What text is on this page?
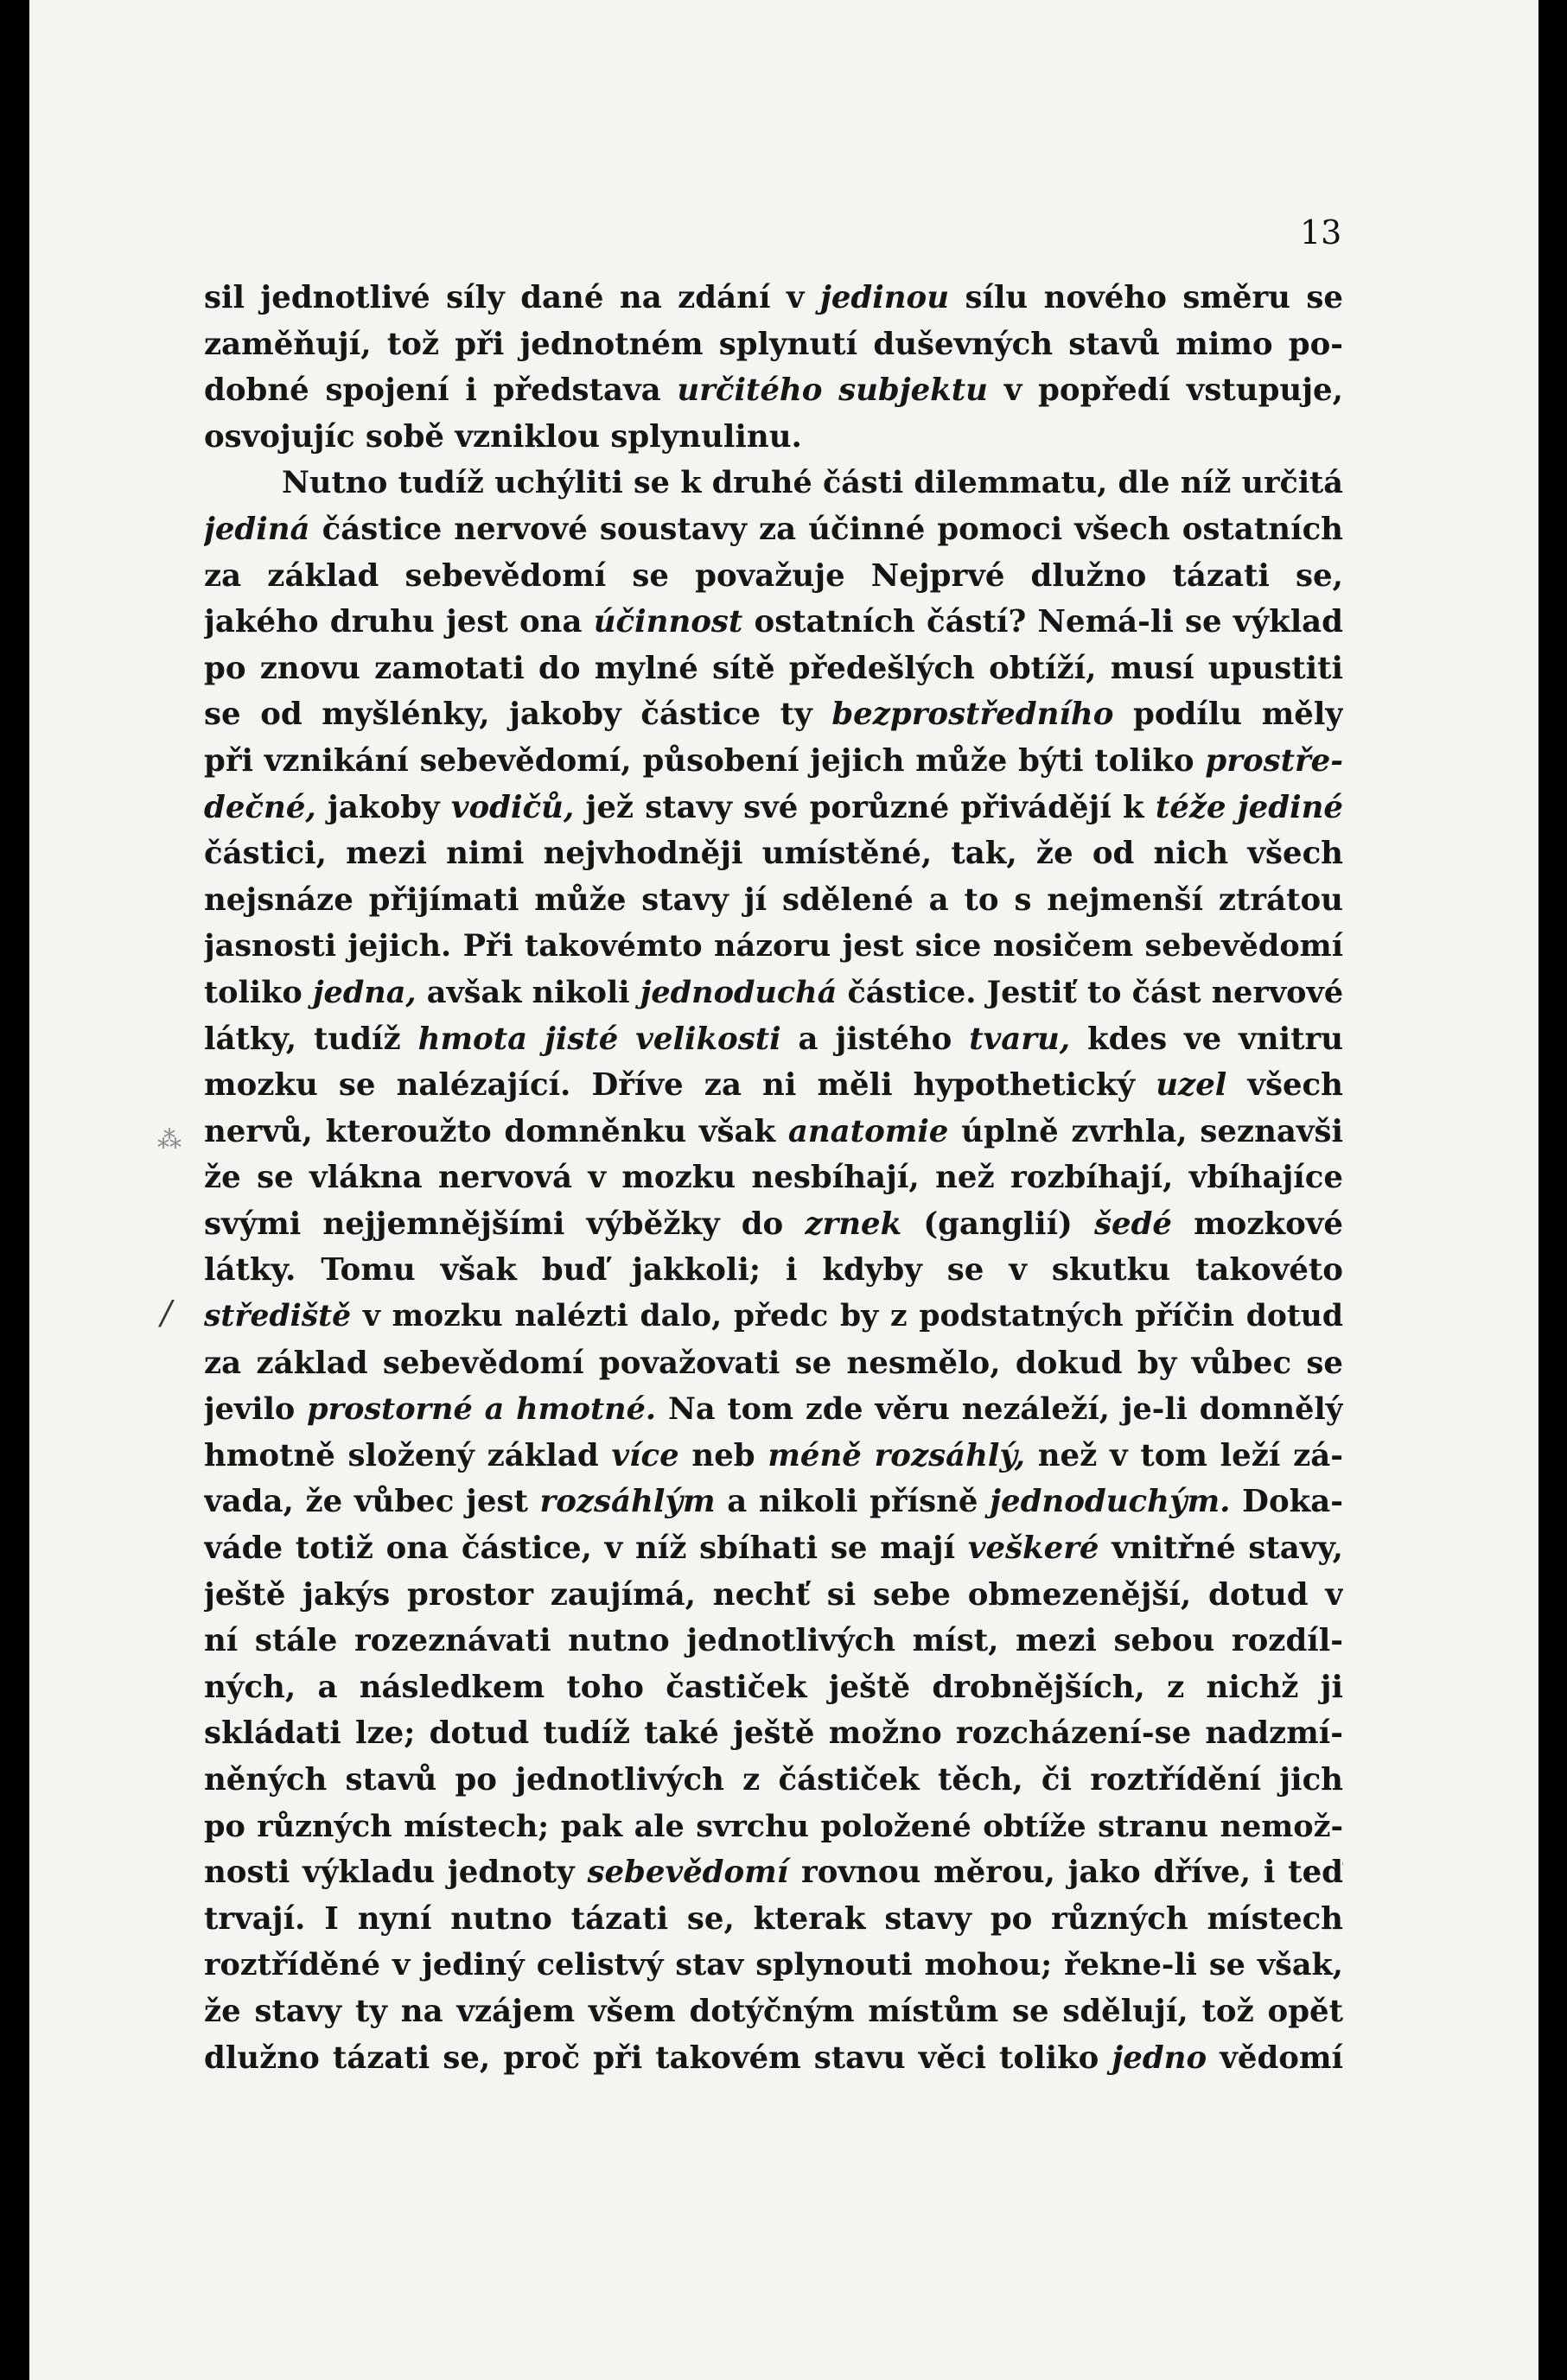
13
⁂
/
sil jednotlivé síly dané na zdání v jedinou sílu nového směru se
zaměňují, tož při jednotném splynutí duševných stavů mimo po-
dobné spojení i představa určitého subjektu v popředí vstupuje,
osvojujíc sobě vzniklou splynulinu.
Nutno tudíž uchýliti se k druhé části dilemmatu, dle níž určitá
jediná částice nervové soustavy za účinné pomoci všech ostatních
za základ sebevědomí se považuje Nejprvé dlužno tázati se,
jakého druhu jest ona účinnost ostatních částí? Nemá-li se výklad
po znovu zamotati do mylné sítě předešlých obtíží, musí upustiti
se od myšlénky, jakoby částice ty bezprostředního podílu měly
při vznikání sebevědomí, působení jejich může býti toliko prostře-
dečné, jakoby vodičů, jež stavy své porůzné přivádějí k téže jediné
částici, mezi nimi nejvhodněji umístěné, tak, že od nich všech
nejsnáze přijímati může stavy jí sdělené a to s nejmenší ztrátou
jasnosti jejich. Při takovémto názoru jest sice nosičem sebevědomí
toliko jedna, avšak nikoli jednoduchá částice. Jestiť to část nervové
látky, tudíž hmota jisté velikosti a jistého tvaru, kdes ve vnitru
mozku se nalézající. Dříve za ni měli hypothetický uzel všech
nervů, kteroužto domněnku však anatomie úplně zvrhla, seznavši
že se vlákna nervová v mozku nesbíhají, než rozbíhají, vbíhajíce
svými nejjemnějšími výběžky do zrnek (ganglií) šedé mozkové
látky. Tomu však buď jakkoli; i kdyby se v skutku takovéto
střediště v mozku nalézti dalo, předc by z podstatných příčin dotud
za základ sebevědomí považovati se nesmělo, dokud by vůbec se
jevilo prostorné a hmotné. Na tom zde věru nezáleží, je-li domnělý
hmotně složený základ více neb méně rozsáhlý, než v tom leží zá-
vada, že vůbec jest rozsáhlým a nikoli přísně jednoduchým. Doka-
váde totiž ona částice, v níž sbíhati se mají veškeré vnitřné stavy,
ještě jakýs prostor zaujímá, nechť si sebe obmezenější, dotud v
ní stále rozeznávati nutno jednotlivých míst, mezi sebou rozdíl-
ných, a následkem toho častiček ještě drobnějších, z nichž ji
skládati lze; dotud tudíž také ještě možno rozcházení-se nadzmí-
něných stavů po jednotlivých z částiček těch, či roztřídění jich
po různých místech; pak ale svrchu položené obtíže stranu nemož-
nosti výkladu jednoty sebevědomí rovnou měrou, jako dříve, i teď
trvají. I nyní nutno tázati se, kterak stavy po různých místech
roztříděné v jediný celistvý stav splynouti mohou; řekne-li se však,
že stavy ty na vzájem všem dotýčným místům se sdělují, tož opět
dlužno tázati se, proč při takovém stavu věci toliko jedno vědomí
